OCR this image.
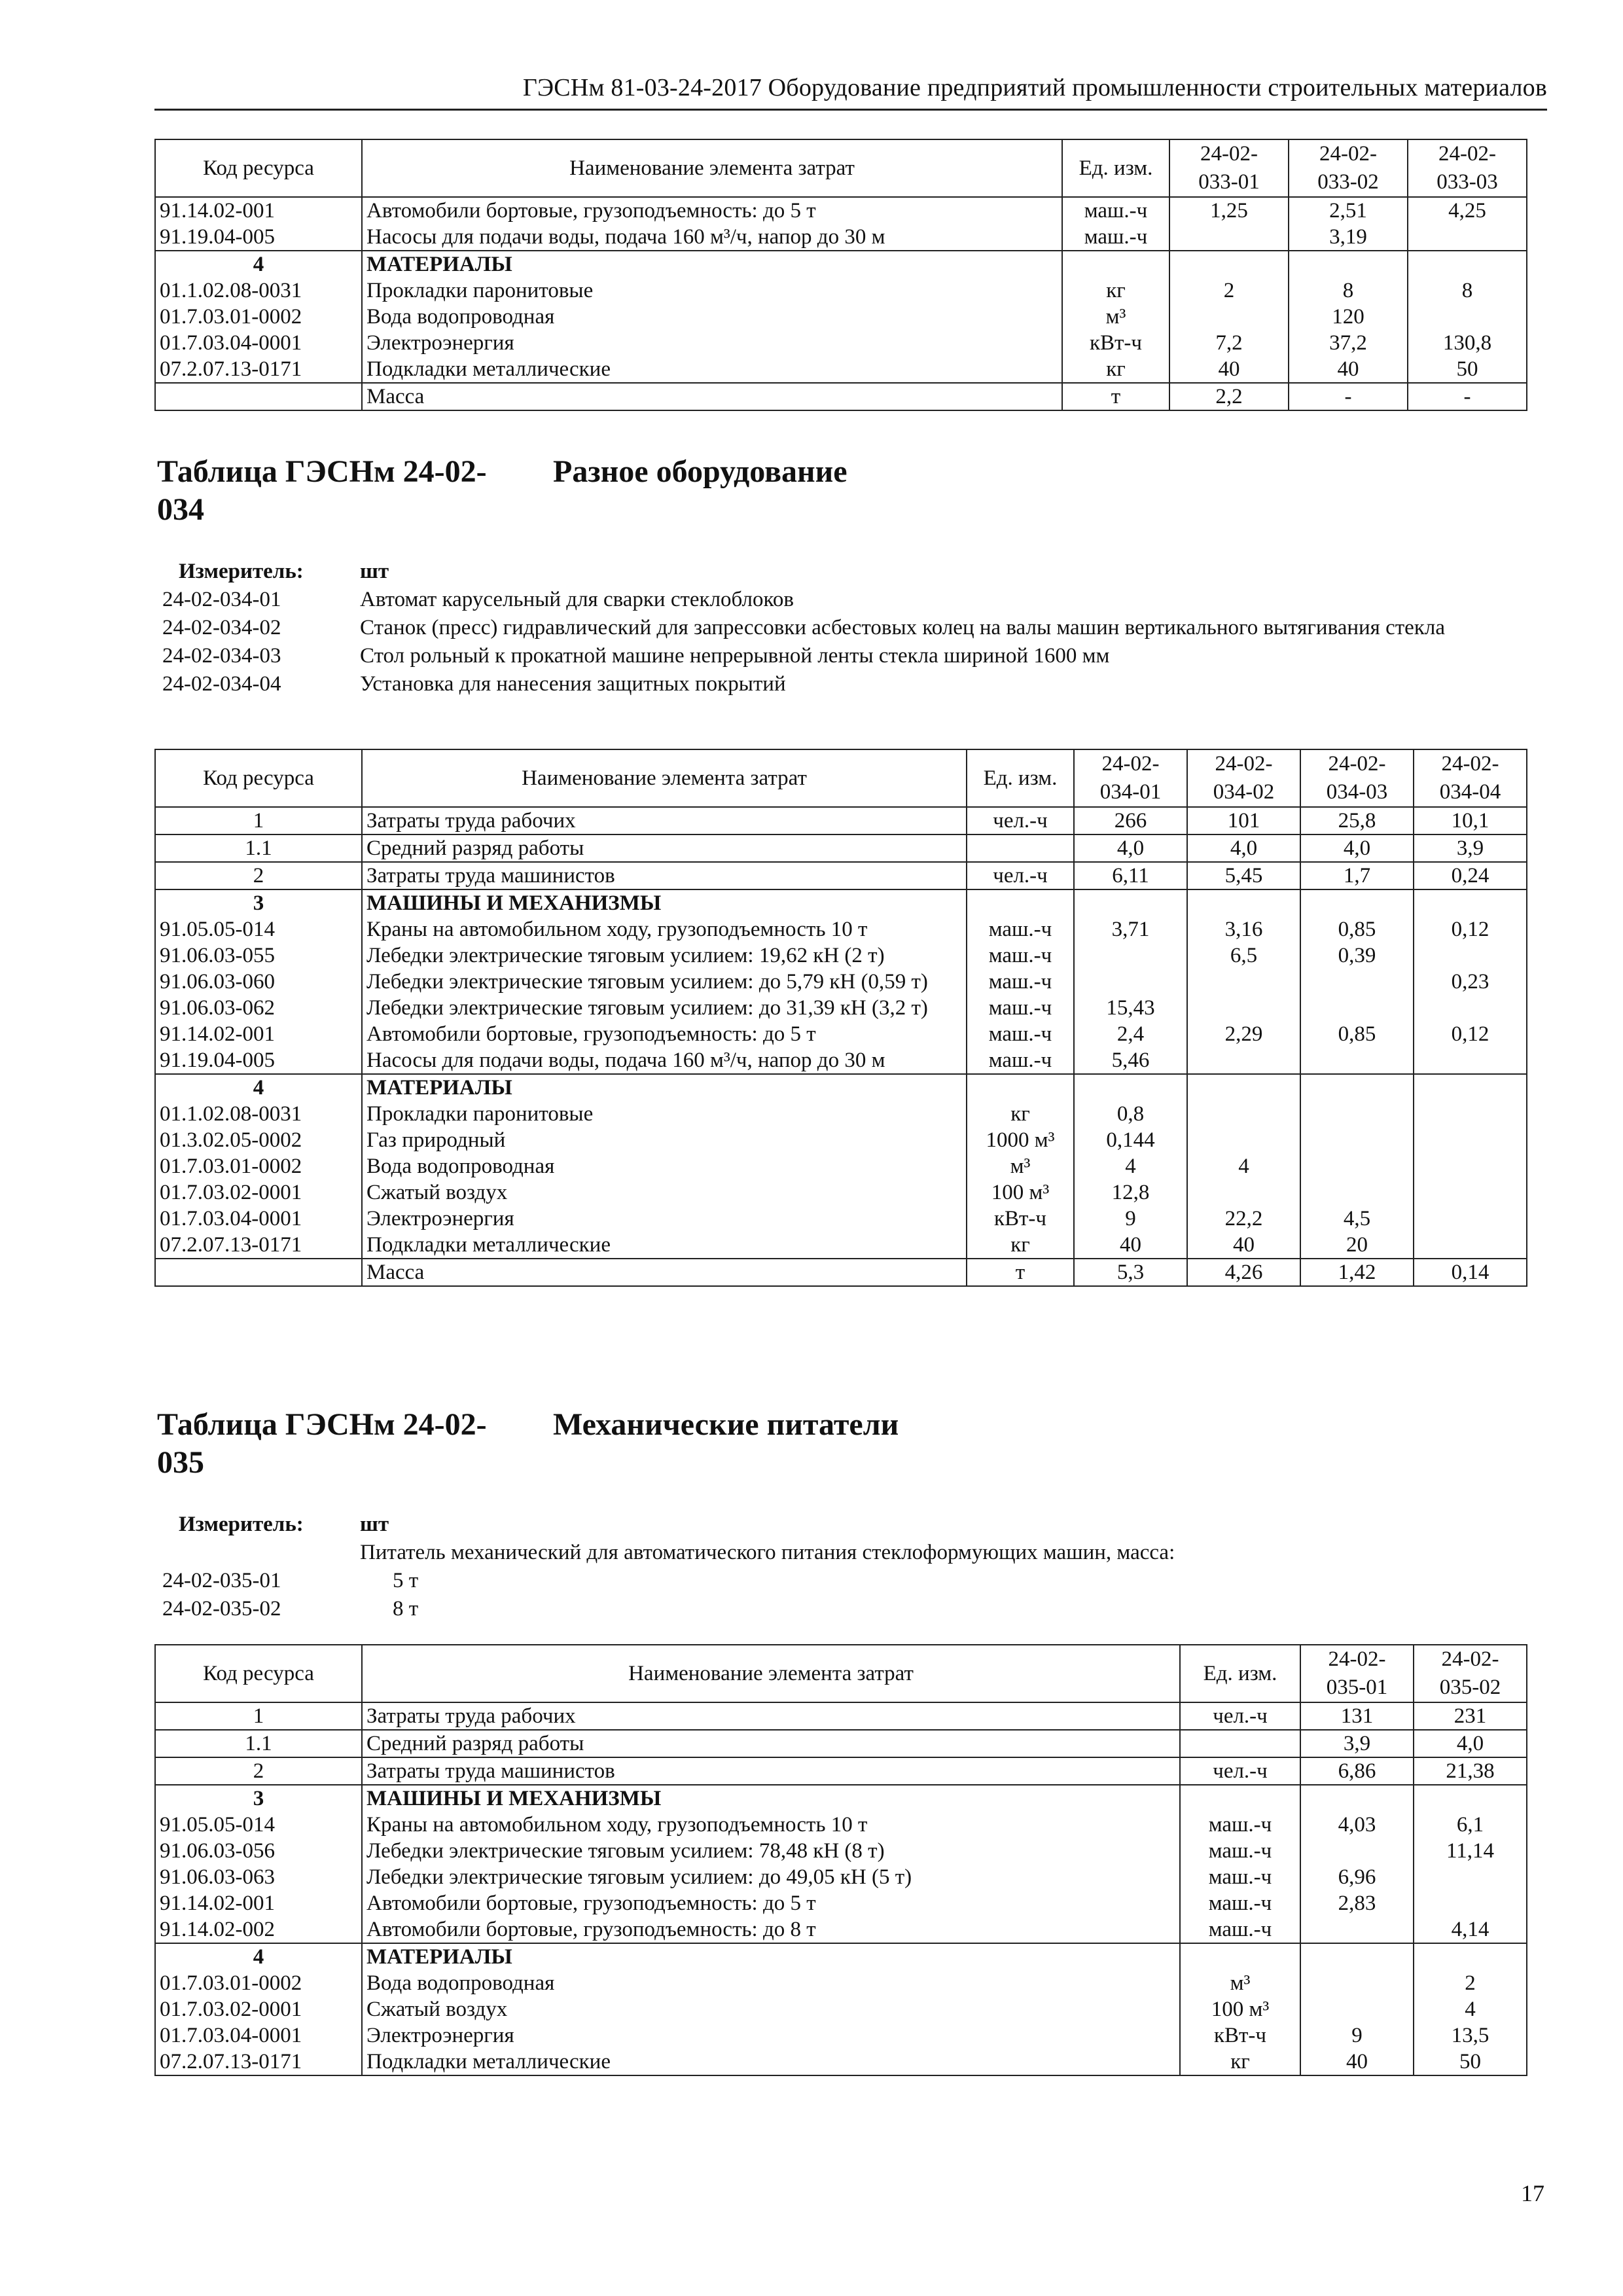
ГЭСНм 81-03-24-2017 Оборудование предприятий промышленности строительных материалов
Код ресурса	Наименование элемента затрат	Ед. изм.	24-02-
033-01	24-02-
033-02	24-02-
033-03
91.14.02-001	Автомобили бортовые, грузоподъемность: до 5 т	маш.-ч	1,25	2,51	4,25
91.19.04-005	Насосы для подачи воды, подача 160 м³/ч, напор до 30 м	маш.-ч		3,19	
4	МАТЕРИАЛЫ				
01.1.02.08-0031	Прокладки паронитовые	кг	2	8	8
01.7.03.01-0002	Вода водопроводная	м³		120	
01.7.03.04-0001	Электроэнергия	кВт-ч	7,2	37,2	130,8
07.2.07.13-0171	Подкладки металлические	кг	40	40	50
	Масса	т	2,2	-	-
Таблица ГЭСНм 24-02-034
Разное оборудование
Измеритель:	шт
24-02-034-01	Автомат карусельный для сварки стеклоблоков
24-02-034-02	Станок (пресс) гидравлический для запрессовки асбестовых колец на валы машин вертикального вытягивания стекла
24-02-034-03	Стол рольный к прокатной машине непрерывной ленты стекла шириной 1600 мм
24-02-034-04	Установка для нанесения защитных покрытий
Код ресурса	Наименование элемента затрат	Ед. изм.	24-02-
034-01	24-02-
034-02	24-02-
034-03	24-02-
034-04
1	Затраты труда рабочих	чел.-ч	266	101	25,8	10,1
1.1	Средний разряд работы		4,0	4,0	4,0	3,9
2	Затраты труда машинистов	чел.-ч	6,11	5,45	1,7	0,24
3	МАШИНЫ И МЕХАНИЗМЫ					
91.05.05-014	Краны на автомобильном ходу, грузоподъемность 10 т	маш.-ч	3,71	3,16	0,85	0,12
91.06.03-055	Лебедки электрические тяговым усилием: 19,62 кН (2 т)	маш.-ч		6,5	0,39	
91.06.03-060	Лебедки электрические тяговым усилием: до 5,79 кН (0,59 т)	маш.-ч				0,23
91.06.03-062	Лебедки электрические тяговым усилием: до 31,39 кН (3,2 т)	маш.-ч	15,43			
91.14.02-001	Автомобили бортовые, грузоподъемность: до 5 т	маш.-ч	2,4	2,29	0,85	0,12
91.19.04-005	Насосы для подачи воды, подача 160 м³/ч, напор до 30 м	маш.-ч	5,46			
4	МАТЕРИАЛЫ					
01.1.02.08-0031	Прокладки паронитовые	кг	0,8			
01.3.02.05-0002	Газ природный	1000 м³	0,144			
01.7.03.01-0002	Вода водопроводная	м³	4	4		
01.7.03.02-0001	Сжатый воздух	100 м³	12,8			
01.7.03.04-0001	Электроэнергия	кВт-ч	9	22,2	4,5	
07.2.07.13-0171	Подкладки металлические	кг	40	40	20	
	Масса	т	5,3	4,26	1,42	0,14
Таблица ГЭСНм 24-02-035
Механические питатели
Измеритель:	шт
Питатель механический для автоматического питания стеклоформующих машин, масса:
24-02-035-01	5 т
24-02-035-02	8 т
Код ресурса	Наименование элемента затрат	Ед. изм.	24-02-
035-01	24-02-
035-02
1	Затраты труда рабочих	чел.-ч	131	231
1.1	Средний разряд работы		3,9	4,0
2	Затраты труда машинистов	чел.-ч	6,86	21,38
3	МАШИНЫ И МЕХАНИЗМЫ			
91.05.05-014	Краны на автомобильном ходу, грузоподъемность 10 т	маш.-ч	4,03	6,1
91.06.03-056	Лебедки электрические тяговым усилием: 78,48 кН (8 т)	маш.-ч		11,14
91.06.03-063	Лебедки электрические тяговым усилием: до 49,05 кН (5 т)	маш.-ч	6,96	
91.14.02-001	Автомобили бортовые, грузоподъемность: до 5 т	маш.-ч	2,83	
91.14.02-002	Автомобили бортовые, грузоподъемность: до 8 т	маш.-ч		4,14
4	МАТЕРИАЛЫ			
01.7.03.01-0002	Вода водопроводная	м³		2
01.7.03.02-0001	Сжатый воздух	100 м³		4
01.7.03.04-0001	Электроэнергия	кВт-ч	9	13,5
07.2.07.13-0171	Подкладки металлические	кг	40	50
17
